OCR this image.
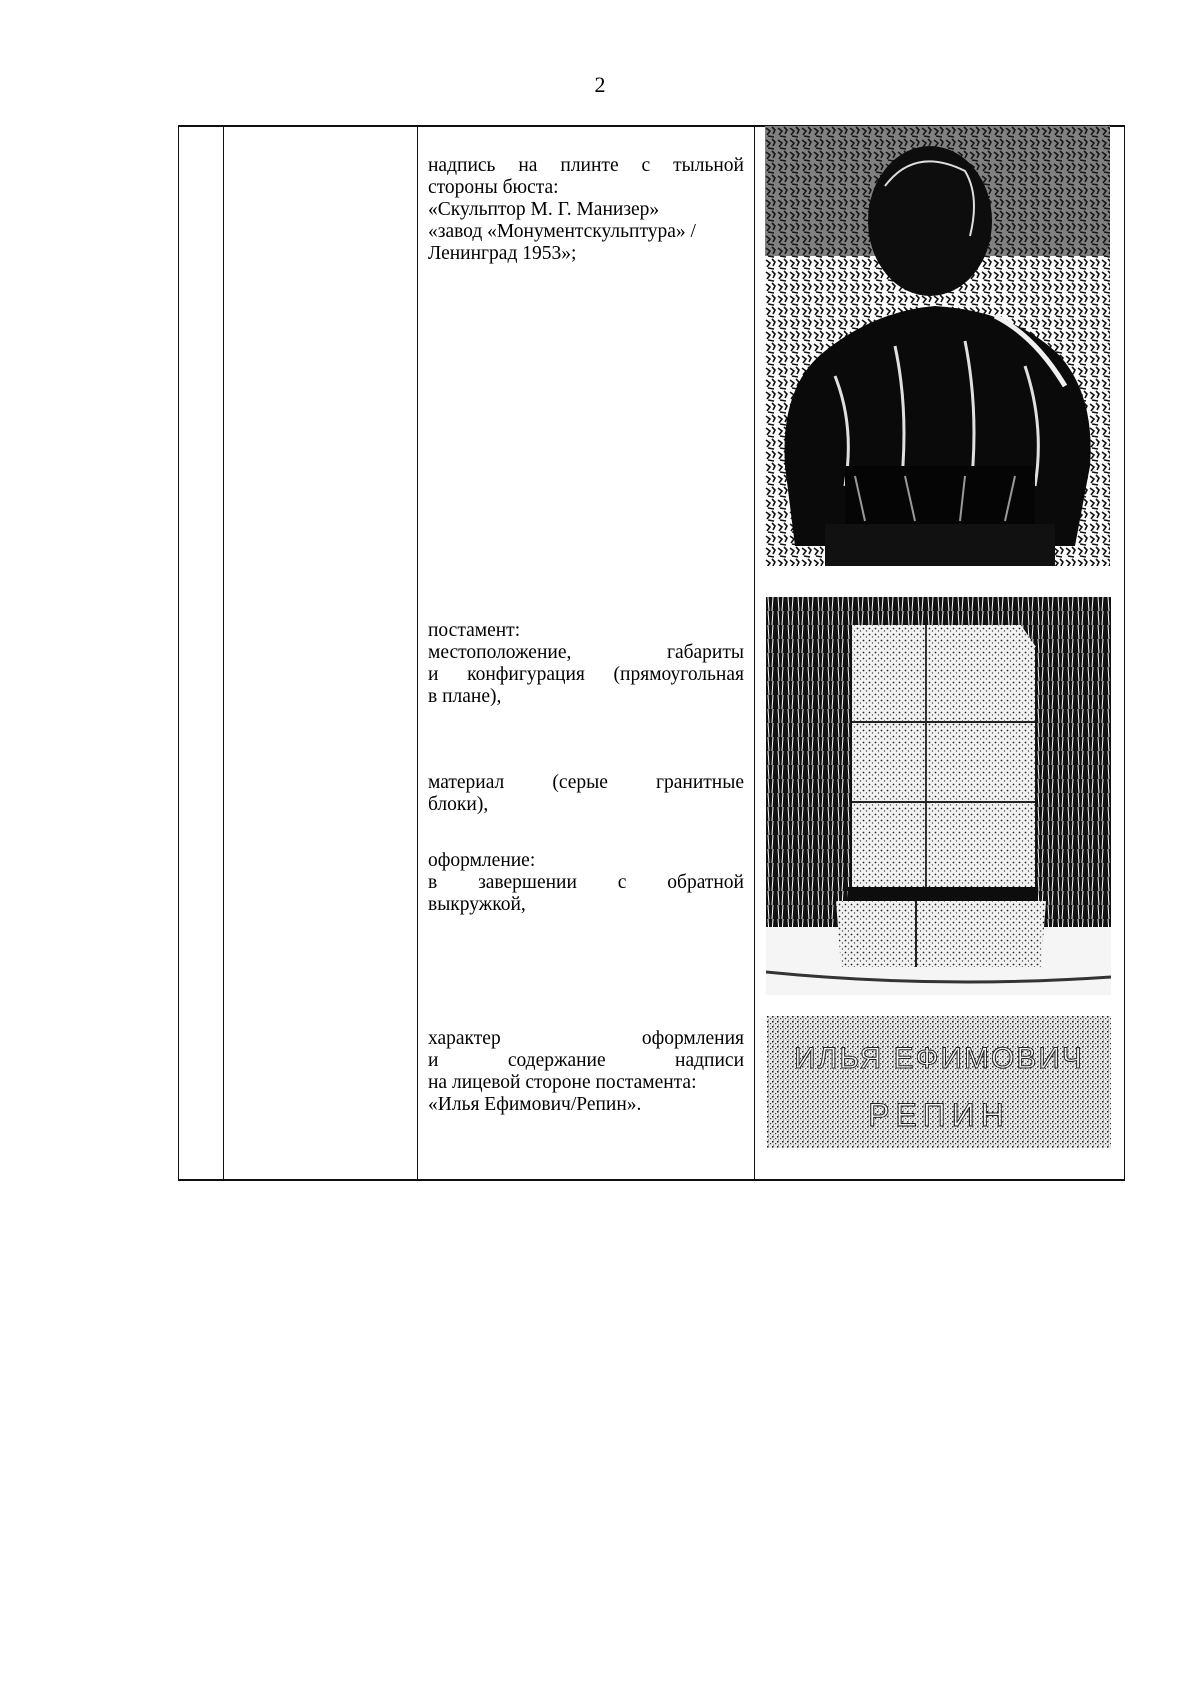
2

надпись на плинте с тыльной

стороны бюста:

«Скульптор М. Г. Манизер»

«завод «Монументскульптура» /

Ленинград 1953»;

постамент:

местоположение, габариты

и конфигурация (прямоугольная

в плане),

материал (серые гранитные

блоки),

оформление:

в завершении с обратной

выкружкой,

характер оформления

и содержание надписи

на лицевой стороне постамента:

«Илья Ефимович/Репин».

ИЛЬЯ ЕФИМОВИЧ
РЕПИН
